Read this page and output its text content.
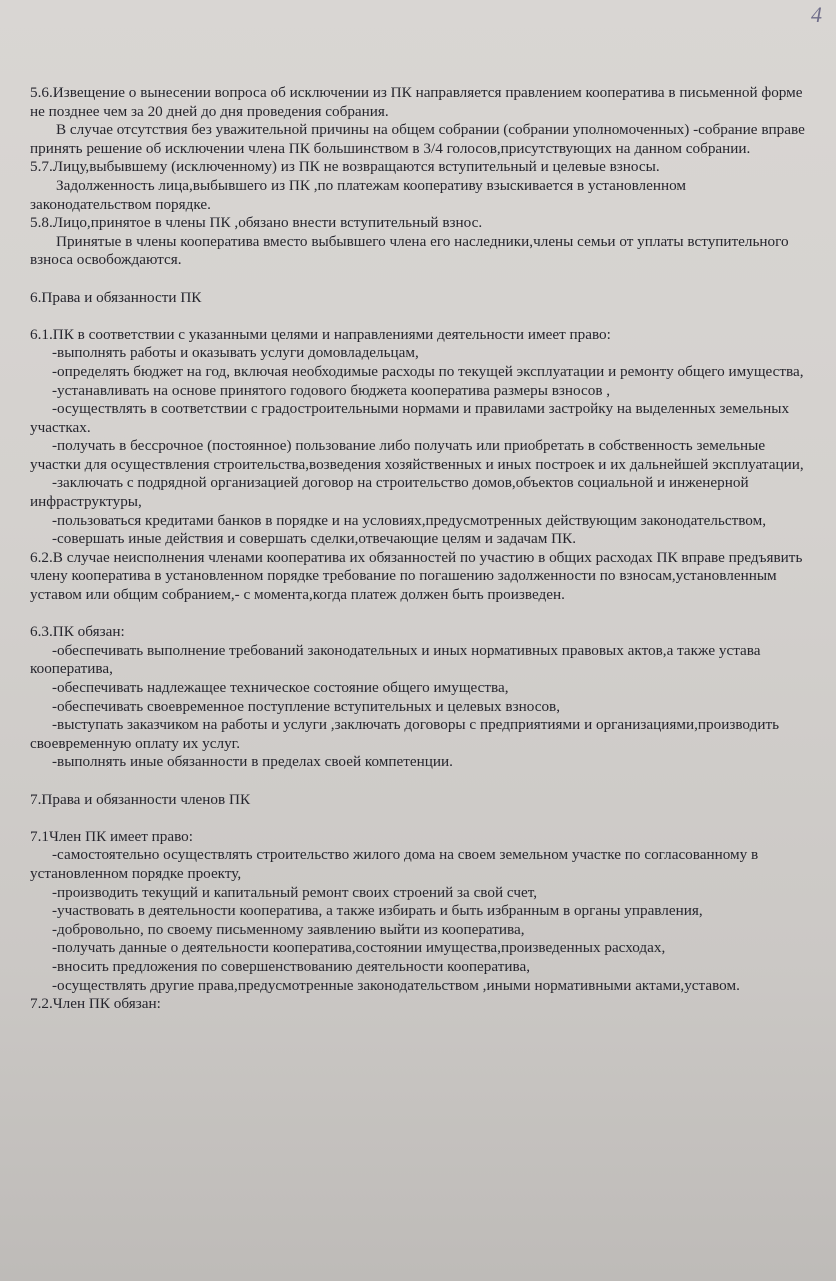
4

5.6.Извещение о вынесении вопроса об исключении из ПК направляется правлением кооператива в письменной форме не позднее чем за 20 дней до дня проведения собрания.

В случае отсутствия без уважительной причины на общем собрании (собрании уполномоченных) -собрание вправе принять решение об исключении члена ПК большинством в 3/4 голосов,присутствующих на данном собрании.

5.7.Лицу,выбывшему (исключенному) из ПК не возвращаются вступительный и целевые взносы.

Задолженность лица,выбывшего из ПК ,по платежам кооперативу взыскивается в установленном законодательством порядке.

5.8.Лицо,принятое в члены ПК ,обязано внести вступительный взнос.

Принятые в члены кооператива вместо выбывшего члена его наследники,члены семьи от уплаты вступительного взноса освобождаются.

6.Права и обязанности ПК

6.1.ПК в соответствии с указанными целями и направлениями деятельности имеет право:

-выполнять работы и оказывать услуги домовладельцам,

-определять бюджет на год, включая необходимые расходы по текущей эксплуатации и ремонту общего имущества,

-устанавливать на основе принятого годового бюджета кооператива размеры взносов ,

-осуществлять в соответствии с градостроительными нормами и правилами застройку на выделенных земельных участках.

-получать в бессрочное (постоянное) пользование либо получать или приобретать в собственность земельные участки для осуществления строительства,возведения хозяйственных и иных построек и их дальнейшей эксплуатации,

-заключать с подрядной организацией договор на строительство домов,объектов социальной и инженерной инфраструктуры,

-пользоваться кредитами банков в порядке и на условиях,предусмотренных действующим законодательством,

-совершать иные действия и совершать сделки,отвечающие целям и задачам ПК.

6.2.В случае неисполнения членами кооператива их обязанностей по участию в общих расходах ПК вправе предъявить члену кооператива в установленном порядке требование по погашению задолженности по взносам,установленным уставом или общим собранием,- с момента,когда платеж должен быть произведен.

6.3.ПК обязан:

-обеспечивать выполнение требований законодательных и иных нормативных правовых актов,а также устава кооператива,

-обеспечивать надлежащее техническое состояние общего имущества,

-обеспечивать своевременное поступление вступительных и целевых взносов,

-выступать заказчиком на работы и услуги ,заключать договоры с предприятиями и организациями,производить своевременную оплату их услуг.

-выполнять иные обязанности в пределах своей компетенции.

7.Права и обязанности членов ПК

7.1Член ПК имеет право:

-самостоятельно осуществлять строительство жилого дома на своем земельном участке по согласованному в установленном порядке проекту,

-производить текущий и капитальный ремонт своих строений за свой счет,

-участвовать в деятельности кооператива, а также избирать и быть избранным в органы управления,

-добровольно, по своему письменному заявлению выйти из кооператива,

-получать данные о деятельности кооператива,состоянии имущества,произведенных расходах,

-вносить предложения по совершенствованию деятельности кооператива,

-осуществлять другие права,предусмотренные законодательством ,иными нормативными актами,уставом.

7.2.Член ПК обязан:
